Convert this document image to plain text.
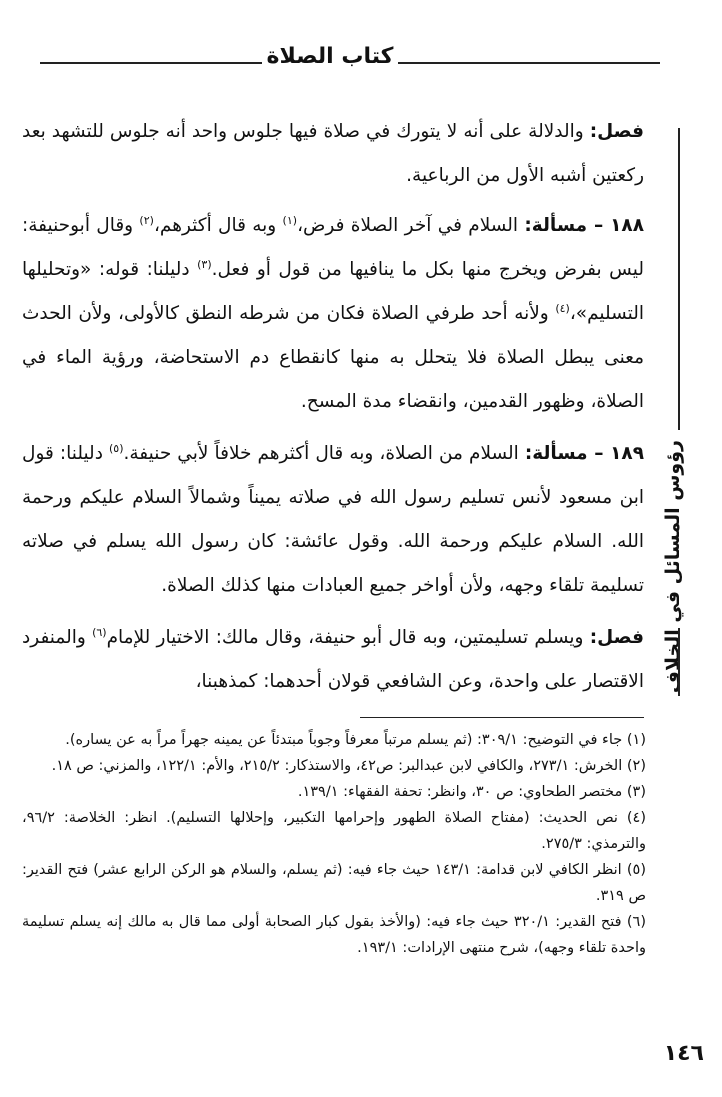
كتاب الصلاة
رؤوس المسائل في الخلاف

فصل: والدلالة على أنه لا يتورك في صلاة فيها جلوس واحد أنه جلوس للتشهد بعد ركعتين أشبه الأول من الرباعية.

١٨٨ – مسألة: السلام في آخر الصلاة فرض،$^{(١)}$ وبه قال أكثرهم،$^{(٢)}$ وقال أبوحنيفة: ليس بفرض ويخرج منها بكل ما ينافيها من قول أو فعل.$^{(٣)}$ دليلنا: قوله: «وتحليلها التسليم»،$^{(٤)}$ ولأنه أحد طرفي الصلاة فكان من شرطه النطق كالأولى، ولأن الحدث معنى يبطل الصلاة فلا يتحلل به منها كانقطاع دم الاستحاضة، ورؤية الماء في الصلاة، وظهور القدمين، وانقضاء مدة المسح.

١٨٩ – مسألة: السلام من الصلاة، وبه قال أكثرهم خلافاً لأبي حنيفة.$^{(٥)}$ دليلنا: قول ابن مسعود لأنس تسليم رسول الله في صلاته يميناً وشمالاً السلام عليكم ورحمة الله. السلام عليكم ورحمة الله. وقول عائشة: كان رسول الله يسلم في صلاته تسليمة تلقاء وجهه، ولأن أواخر جميع العبادات منها كذلك الصلاة.

فصل: ويسلم تسليمتين، وبه قال أبو حنيفة، وقال مالك: الاختيار للإمام$^{(٦)}$ والمنفرد الاقتصار على واحدة، وعن الشافعي قولان أحدهما: كمذهبنا،

(١) جاء في التوضيح: ٣٠٩/١: (ثم يسلم مرتباً معرفاً وجوباً مبتدئاً عن يمينه جهراً مراً به عن يساره).

(٢) الخرش: ٢٧٣/١، والكافي لابن عبدالبر: ص٤٢، والاستذكار: ٢١٥/٢، والأم: ١٢٢/١، والمزني: ص ١٨.

(٣) مختصر الطحاوي: ص ٣٠، وانظر: تحفة الفقهاء: ١٣٩/١.

(٤) نص الحديث: (مفتاح الصلاة الطهور وإحرامها التكبير، وإحلالها التسليم). انظر: الخلاصة: ٩٦/٢، والترمذي: ٢٧٥/٣.

(٥) انظر الكافي لابن قدامة: ١٤٣/١ حيث جاء فيه: (ثم يسلم، والسلام هو الركن الرابع عشر) فتح القدير: ص ٣١٩.

(٦) فتح القدير: ٣٢٠/١ حيث جاء فيه: (والأخذ بقول كبار الصحابة أولى مما قال به مالك إنه يسلم تسليمة واحدة تلقاء وجهه)، شرح منتهى الإرادات: ١٩٣/١.

١٤٦
